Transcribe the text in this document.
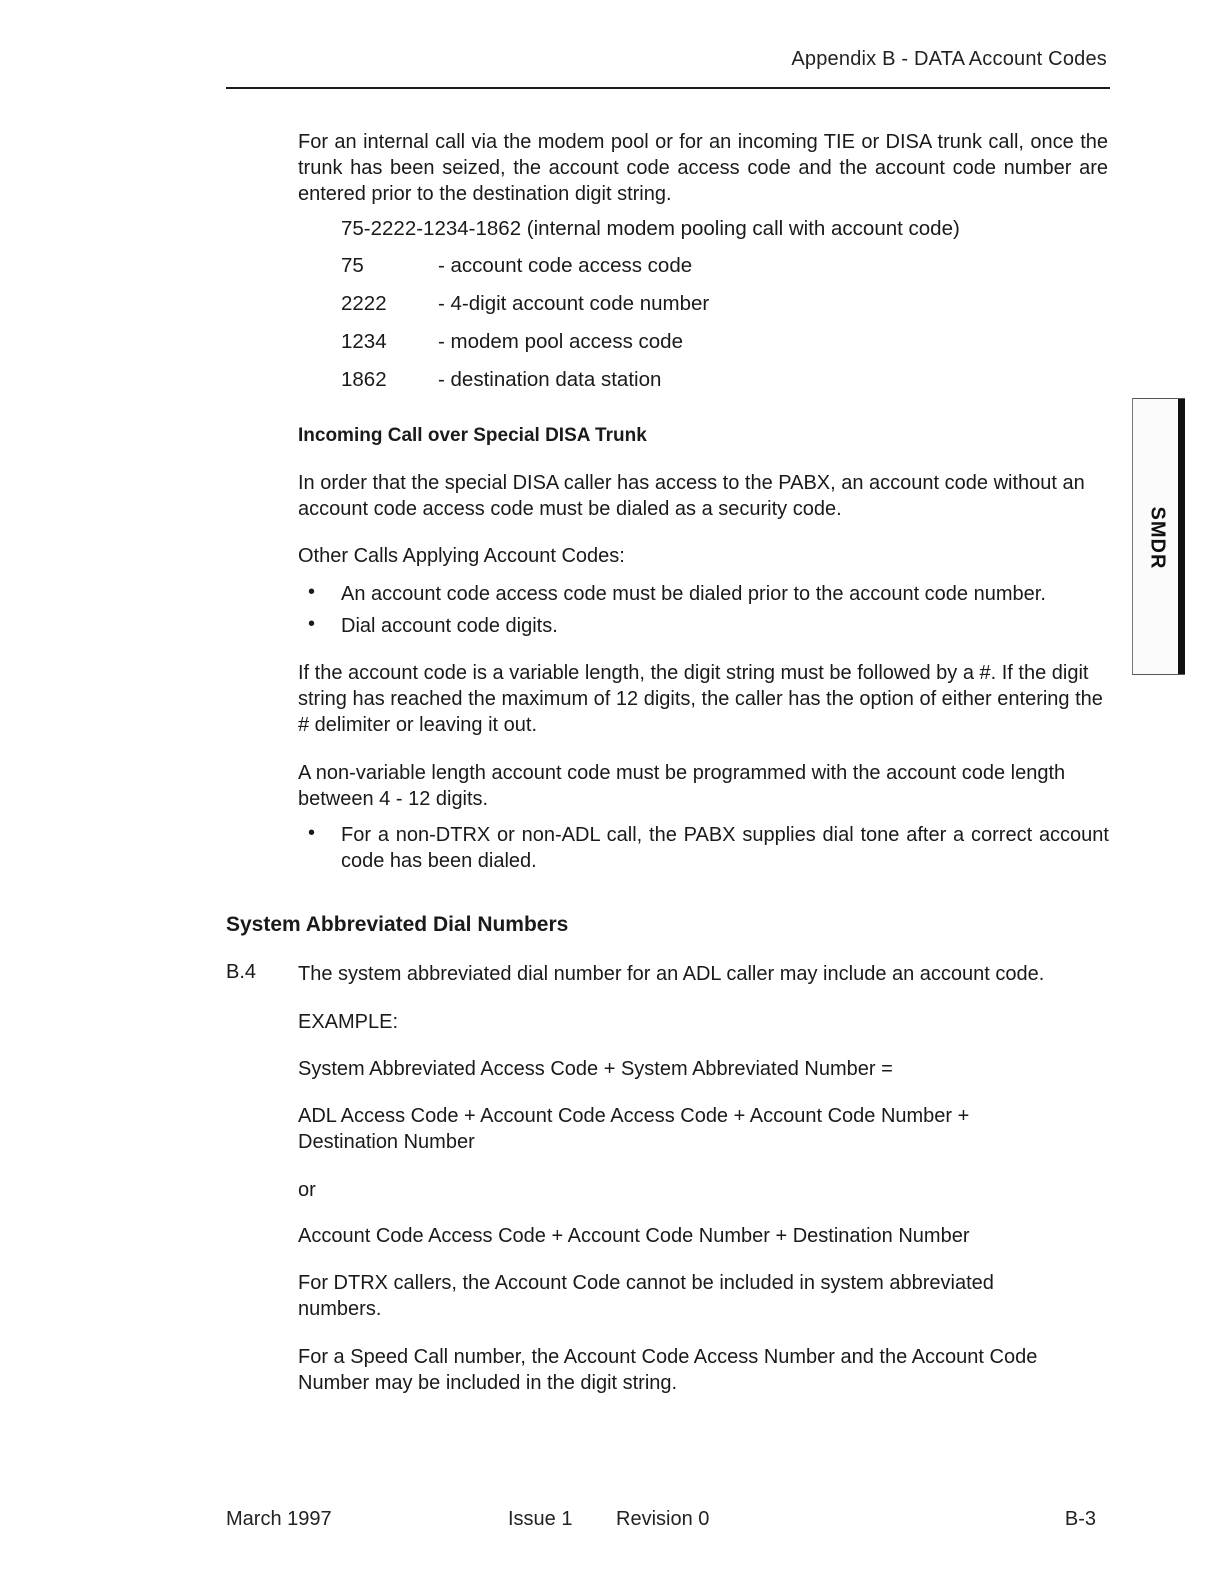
Appendix B - DATA Account Codes
SMDR
For an internal call via the modem pool or for an incoming TIE or DISA trunk call, once the trunk has been seized, the account code access code and the account code number are entered prior to the destination digit string.
75-2222-1234-1862 (internal modem pooling call with account code)
75	- account code access code
2222	- 4-digit account code number
1234	- modem pool access code
1862	- destination data station
Incoming Call over Special DISA Trunk
In order that the special DISA caller has access to the PABX, an account code without an account code access code must be dialed as a security code.
Other Calls Applying Account Codes:
• An account code access code must be dialed prior to the account code number.
• Dial account code digits.
If the account code is a variable length, the digit string must be followed by a #. If the digit string has reached the maximum of 12 digits, the caller has the option of either entering the # delimiter or leaving it out.
A non-variable length account code must be programmed with the account code length between 4 - 12 digits.
• For a non-DTRX or non-ADL call, the PABX supplies dial tone after a correct account code has been dialed.
System Abbreviated Dial Numbers
B.4 The system abbreviated dial number for an ADL caller may include an account code.
EXAMPLE:
System Abbreviated Access Code + System Abbreviated Number =
ADL Access Code + Account Code Access Code + Account Code Number + Destination Number
or
Account Code Access Code + Account Code Number + Destination Number
For DTRX callers, the Account Code cannot be included in system abbreviated numbers.
For a Speed Call number, the Account Code Access Number and the Account Code Number may be included in the digit string.
March 1997	Issue 1 Revision 0	B-3
